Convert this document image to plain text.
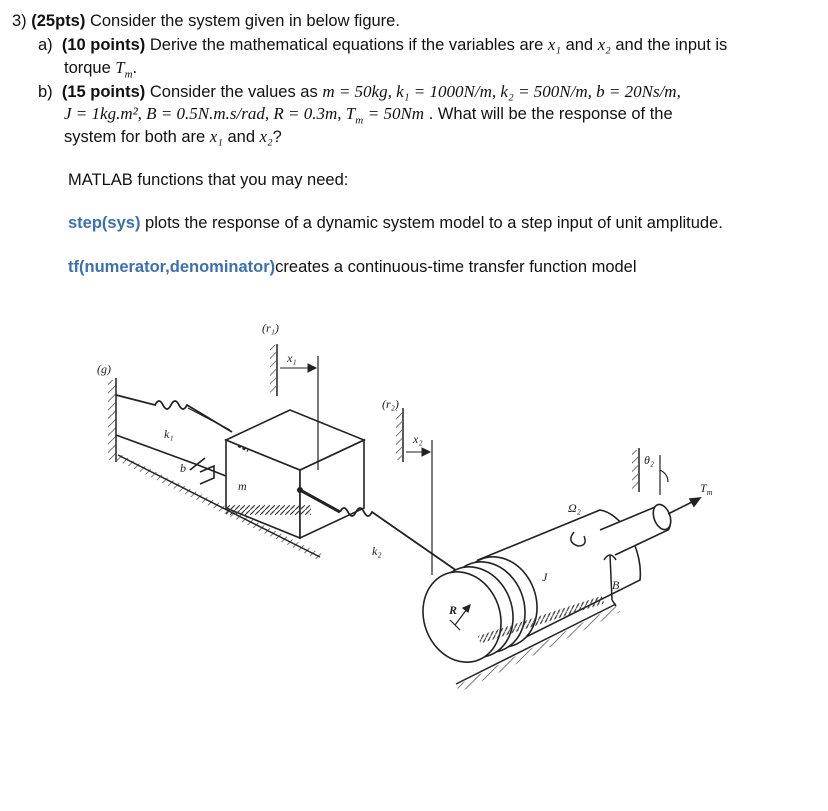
3) (25pts) Consider the system given in below figure.
a) (10 points) Derive the mathematical equations if the variables are x₁ and x₂ and the input is
torque $T_m$.
b) (15 points) Consider the values as m = 50kg, k₁ = 1000N/m, k₂ = 500N/m, b = 20Ns/m,
J = 1kg.m², B = 0.5N.m.s/rad, R = 0.3m, $T_m = 50Nm$ . What will be the response of the
system for both are x₁ and x₂?
MATLAB functions that you may need:
step(sys) plots the response of a dynamic system model to a step input of unit amplitude.
tf(numerator,denominator)creates a continuous-time transfer function model
(g)
(r₁)
x₁
(r₂)
x₂
k₁
k₂
b
m
R
J
B
Ω₂
θ₂
$T_m$
